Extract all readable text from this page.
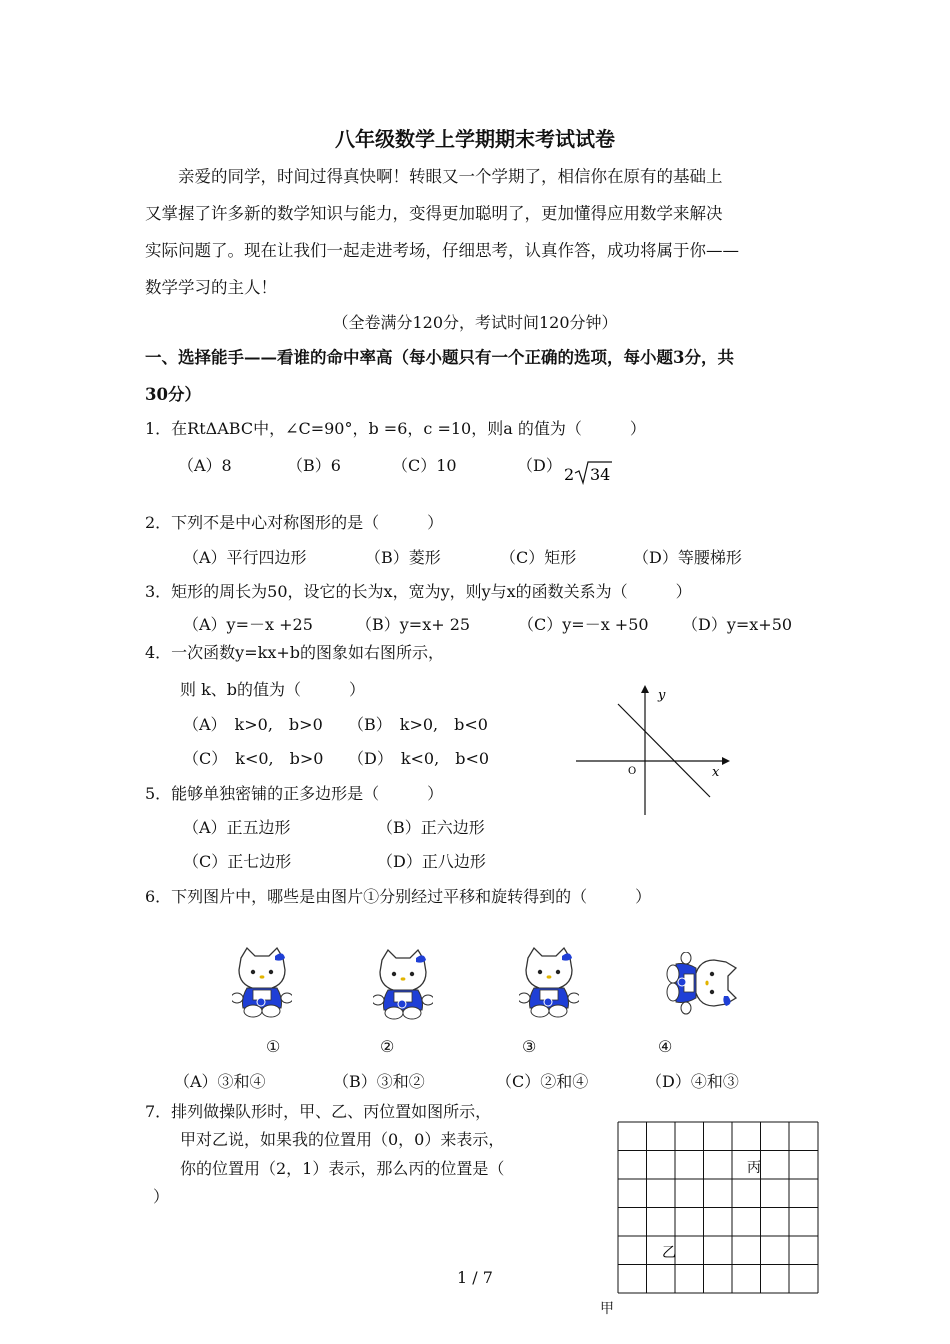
八年级数学上学期期末考试试卷

亲爱的同学，时间过得真快啊！转眼又一个学期了，相信你在原有的基础上

又掌握了许多新的数学知识与能力，变得更加聪明了，更加懂得应用数学来解决

实际问题了。现在让我们一起走进考场，仔细思考，认真作答，成功将属于你——

数学学习的主人！

（全卷满分120分，考试时间120分钟）
一、选择能手——看谁的命中率高（每小题只有一个正确的选项，每小题3分，共
30分）
1．在RtΔABC中，∠C=90°，b =6，c =10，则a 的值为（　　　）
（A）8	（B）6	（C）10	（D） 2 34
2．下列不是中心对称图形的是（　　　）
（A）平行四边形	（B）菱形	（C）矩形	（D）等腰梯形
3．矩形的周长为50，设它的长为x，宽为y，则y与x的函数关系为（　　　）
（A）y=－x +25	（B）y=x+ 25	（C）y=－x +50 （D）y=x+50
4．一次函数y=kx+b的图象如右图所示，
则 k、b的值为（　　　）
（A）　k>0,　b>0 （B）　k>0,　b<0
（C）　k<0,　b>0 （D）　k<0,　b<0
y
x
O
5．能够单独密铺的正多边形是（　　　）
（A）正五边形	（B）正六边形
（C）正七边形	（D）正八边形
6．下列图片中，哪些是由图片①分别经过平移和旋转得到的（　　　）
①	②	③	④
（A）③和④	（B）③和②	（C）②和④	（D）④和③
7．排列做操队形时，甲、乙、丙位置如图所示，
甲对乙说，如果我的位置用（0，0）来表示，
你的位置用（2，1）表示，那么丙的位置是（
）
丙
乙
甲
1 / 7
